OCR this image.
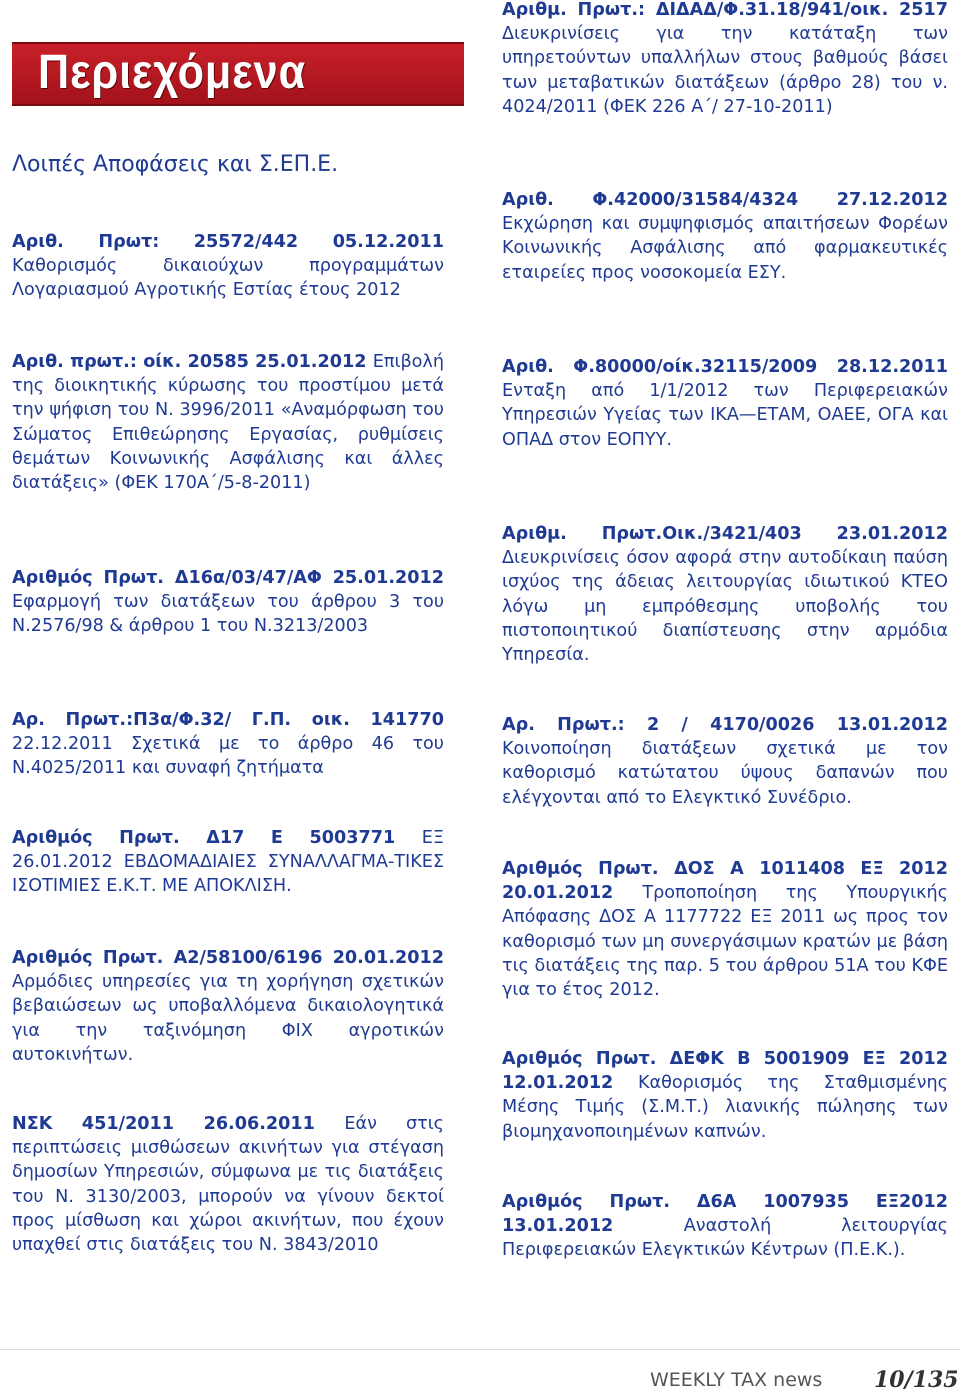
Περιεχόμενα
Λοιπές Αποφάσεις και Σ.ΕΠ.Ε.
Αριθ. Πρωτ: 25572/442 05.12.2011 Καθορισμός δικαιούχων προγραμμάτων Λογαριασμού Αγροτικής Εστίας έτους 2012
Αριθ. πρωτ.: οίκ. 20585 25.01.2012 Επιβολή της διοικητικής κύρωσης του προστίμου μετά την ψήφιση του Ν. 3996/2011 «Αναμόρφωση του Σώματος Επιθεώρησης Εργασίας, ρυθμίσεις θεμάτων Κοινωνικής Ασφάλισης και άλλες διατάξεις» (ΦΕΚ 170Α΄/5-8-2011)
Αριθμός Πρωτ. Δ16α/03/47/ΑΦ 25.01.2012 Εφαρμογή των διατάξεων του άρθρου 3 του Ν.2576/98 & άρθρου 1 του Ν.3213/2003
Αρ. Πρωτ.:Π3α/Φ.32/ Γ.Π. οικ. 141770 22.12.2011 Σχετικά με το άρθρο 46 του Ν.4025/2011 και συναφή ζητήματα
Αριθμός Πρωτ. Δ17 Ε 5003771 ΕΞ 26.01.2012 ΕΒΔΟΜΑΔΙΑΙΕΣ ΣΥΝΑΛΛΑΓΜΑ-ΤΙΚΕΣ ΙΣΟΤΙΜΙΕΣ Ε.Κ.Τ. ΜΕ ΑΠΟΚΛΙΣΗ.
Αριθμός Πρωτ. Α2/58100/6196 20.01.2012 Αρμόδιες υπηρεσίες για τη χορήγηση σχετικών βεβαιώσεων ως υποβαλλόμενα δικαιολογητικά για την ταξινόμηση ΦΙΧ αγροτικών αυτοκινήτων.
ΝΣΚ 451/2011 26.06.2011 Εάν στις περιπτώσεις μισθώσεων ακινήτων για στέγαση δημοσίων Υπηρεσιών, σύμφωνα με τις διατάξεις του Ν. 3130/2003, μπορούν να γίνουν δεκτοί προς μίσθωση και χώροι ακινήτων, που έχουν υπαχθεί στις διατάξεις του Ν. 3843/2010
Αριθμ. Πρωτ.: ΔΙΔΑΔ/Φ.31.18/941/οικ. 2517 Διευκρινίσεις για την κατάταξη των υπηρετούντων υπαλλήλων στους βαθμούς βάσει των μεταβατικών διατάξεων (άρθρο 28) του ν. 4024/2011 (ΦΕΚ 226 Α΄/ 27-10-2011)
Αριθ. Φ.42000/31584/4324 27.12.2012 Εκχώρηση και συμψηφισμός απαιτήσεων Φορέων Κοινωνικής Ασφάλισης από φαρμακευτικές εταιρείες προς νοσοκομεία ΕΣΥ.
Αριθ. Φ.80000/οίκ.32115/2009 28.12.2011 Ενταξη από 1/1/2012 των Περιφερειακών Υπηρεσιών Υγείας των ΙΚΑ—ΕΤΑΜ, ΟΑΕΕ, ΟΓΑ και ΟΠΑΔ στον ΕΟΠΥΥ.
Αριθμ. Πρωτ.Οικ./3421/403 23.01.2012 Διευκρινίσεις όσον αφορά στην αυτοδίκαιη παύση ισχύος της άδειας λειτουργίας ιδιωτικού ΚΤΕΟ λόγω μη εμπρόθεσμης υποβολής του πιστοποιητικού διαπίστευσης στην αρμόδια Υπηρεσία.
Αρ. Πρωτ.: 2 / 4170/0026 13.01.2012 Κοινοποίηση διατάξεων σχετικά με τον καθορισμό κατώτατου ύψους δαπανών που ελέγχονται από το Ελεγκτικό Συνέδριο.
Αριθμός Πρωτ. ΔΟΣ Α 1011408 ΕΞ 2012 20.01.2012 Τροποποίηση της Υπουργικής Απόφασης ΔΟΣ Α 1177722 ΕΞ 2011 ως προς τον καθορισμό των μη συνεργάσιμων κρατών με βάση τις διατάξεις της παρ. 5 του άρθρου 51Α του ΚΦΕ για το έτος 2012.
Αριθμός Πρωτ. ΔΕΦΚ Β 5001909 ΕΞ 2012 12.01.2012 Καθορισμός της Σταθμισμένης Μέσης Τιμής (Σ.Μ.Τ.) λιανικής πώλησης των βιομηχανοποιημένων καπνών.
Αριθμός Πρωτ. Δ6Α 1007935 ΕΞ2012 13.01.2012 Αναστολή λειτουργίας Περιφερειακών Ελεγκτικών Κέντρων (Π.Ε.Κ.).
WEEKLY TAX news 10/135
